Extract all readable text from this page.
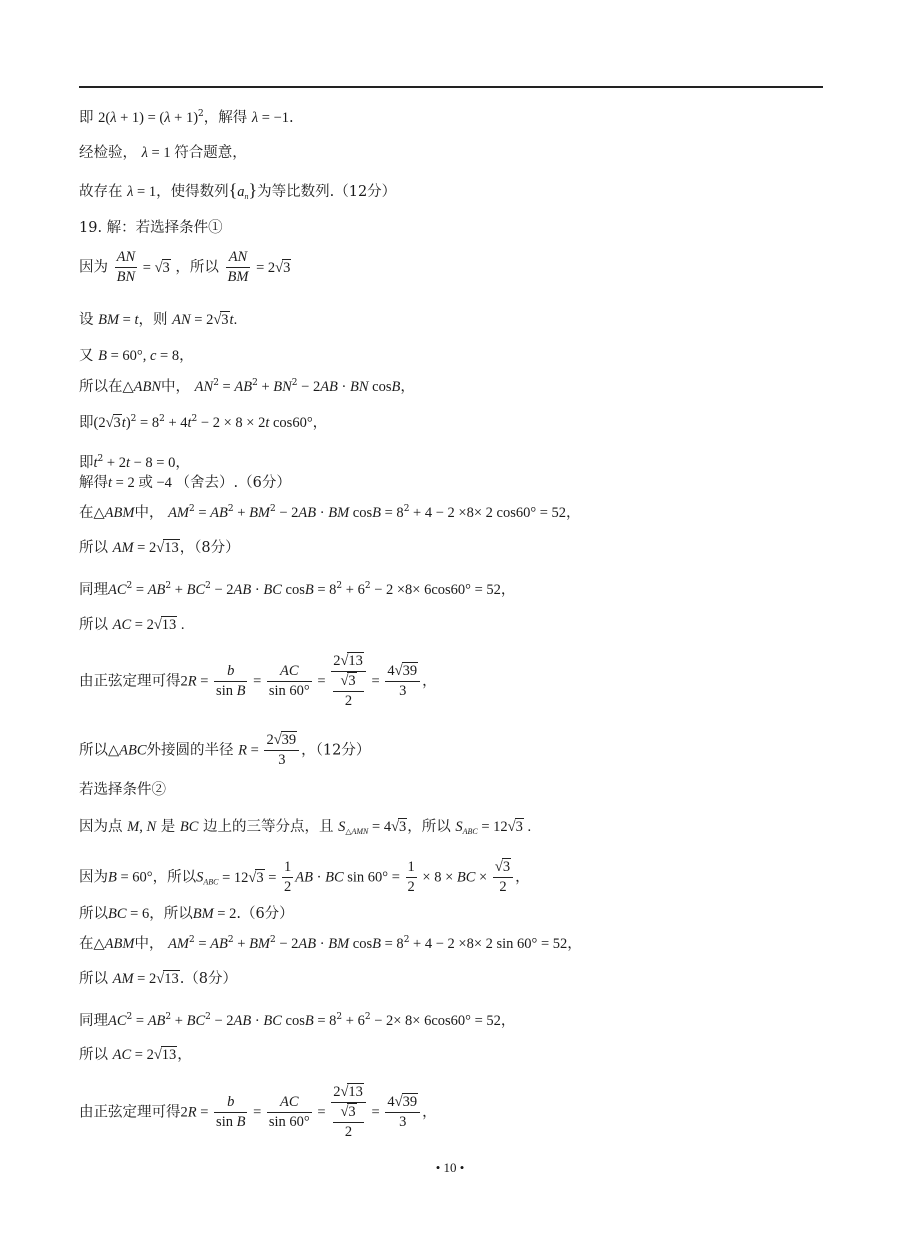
即 $2(\lambda + 1) = (\lambda + 1)^2$，解得 λ = −1.
经检验， λ = 1 符合题意，
故存在 λ = 1，使得数列$\{a_n\}$为等比数列.（12分）
19. 解：若选择条件①
因为 $\frac{AN}{BN} = √3$ ，所以 $\frac{AN}{BM} = 2√3$
设 BM = t，则 AN = 2√3t.
又 B = 60°, c = 8，
所以在△ABN中， $AN^2 = AB^2 + BN^2 - 2AB$ · BN cosB，
即$(2√3t)^2 = 8^2 + 4t^2 - 2 \times 8 \times 2t$ cos60°，
即$t^2 + 2t - 8 = 0$，
解得t = 2 或 −4 （舍去）.（6分）
在△ABM中， $AM^2 = AB^2 + BM^2 - 2AB$ · BM $\cos B = 8^2 + 4 - 2 \times 8\times 2$ cos60° = 52，
所以 AM = 2√13，（8分）
同理$AC^2 = AB^2 + BC^2 - 2AB$ · BC $\cos B = 8^2 + 6^2 - 2 \times 8\times 6\cos 60^\circ = 52$，
所以 AC = 2√13 .
由正弦定理可得$2R = \frac{b}{\text{sin B}} = \frac{AC}{\sin 60^\circ} = 2√13$
√3
$2 = \frac{4√39}{3}$ ，
所以△ABC外接圆的半径 $R = \frac{2√39}{3}$ ，（12分）
若选择条件②
因为点 M, N 是 BC 边上的三等分点，且 $S_{\triangle AMN} = 4√3$，所以 $S_{ABC} = 12√3$ .
因为B = 60°，所以$S_{ABC} = 12√3 = \frac{1}{2}$ AB · BC $\sin 60^\circ = \frac{1}{2} \times 8$ × BC × $\frac{√3}{2}$ ，
所以BC = 6，所以BM = 2.（6分）
在△ABM中， $AM^2 = AB^2 + BM^2 - 2AB$ · BM $\cos B = 8^2 + 4 - 2 \times 8\times 2$ sin 60° = 52，
所以 AM = 2√13.（8分）
同理$AC^2 = AB^2 + BC^2 - 2AB$ · BC $\cos B = 8^2 + 6^2 - 2\times 8\times 6\cos 60^\circ = 52$，
所以 AC = 2√13，
由正弦定理可得$2R = \frac{b}{\text{sin B}} = \frac{AC}{\sin 60^\circ} = 2√13$
√3
$2 = \frac{4√39}{3}$ ，
• 10 •
